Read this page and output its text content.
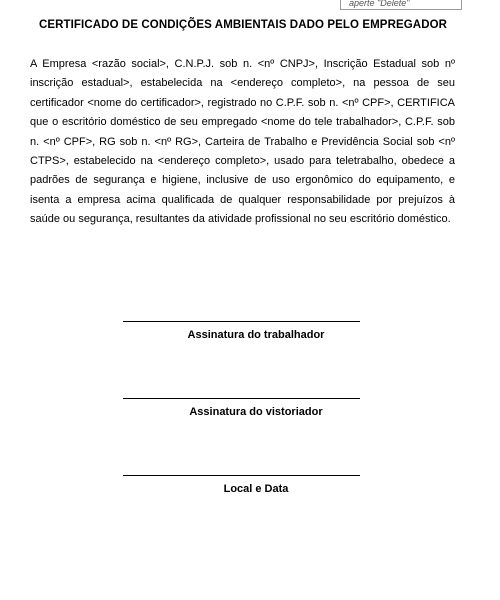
aperte "Delete"
CERTIFICADO DE CONDIÇÕES AMBIENTAIS DADO PELO EMPREGADOR

A Empresa <razão social>, C.N.P.J. sob n. <nº CNPJ>, Inscrição Estadual sob nº inscrição estadual>, estabelecida na <endereço completo>, na pessoa de seu certificador <nome do certificador>, registrado no C.P.F. sob n. <nº CPF>, CERTIFICA que o escritório doméstico de seu empregado <nome do tele trabalhador>, C.P.F. sob n. <nº CPF>, RG sob n. <nº RG>, Carteira de Trabalho e Previdência Social sob <nº CTPS>, estabelecido na <endereço completo>, usado para teletrabalho, obedece a padrões de segurança e higiene, inclusive de uso ergonômico do equipamento, e isenta a empresa acima qualificada de qualquer responsabilidade por prejuízos à saúde ou segurança, resultantes da atividade profissional no seu escritório doméstico.

Assinatura do trabalhador
Assinatura do vistoriador
Local e Data
